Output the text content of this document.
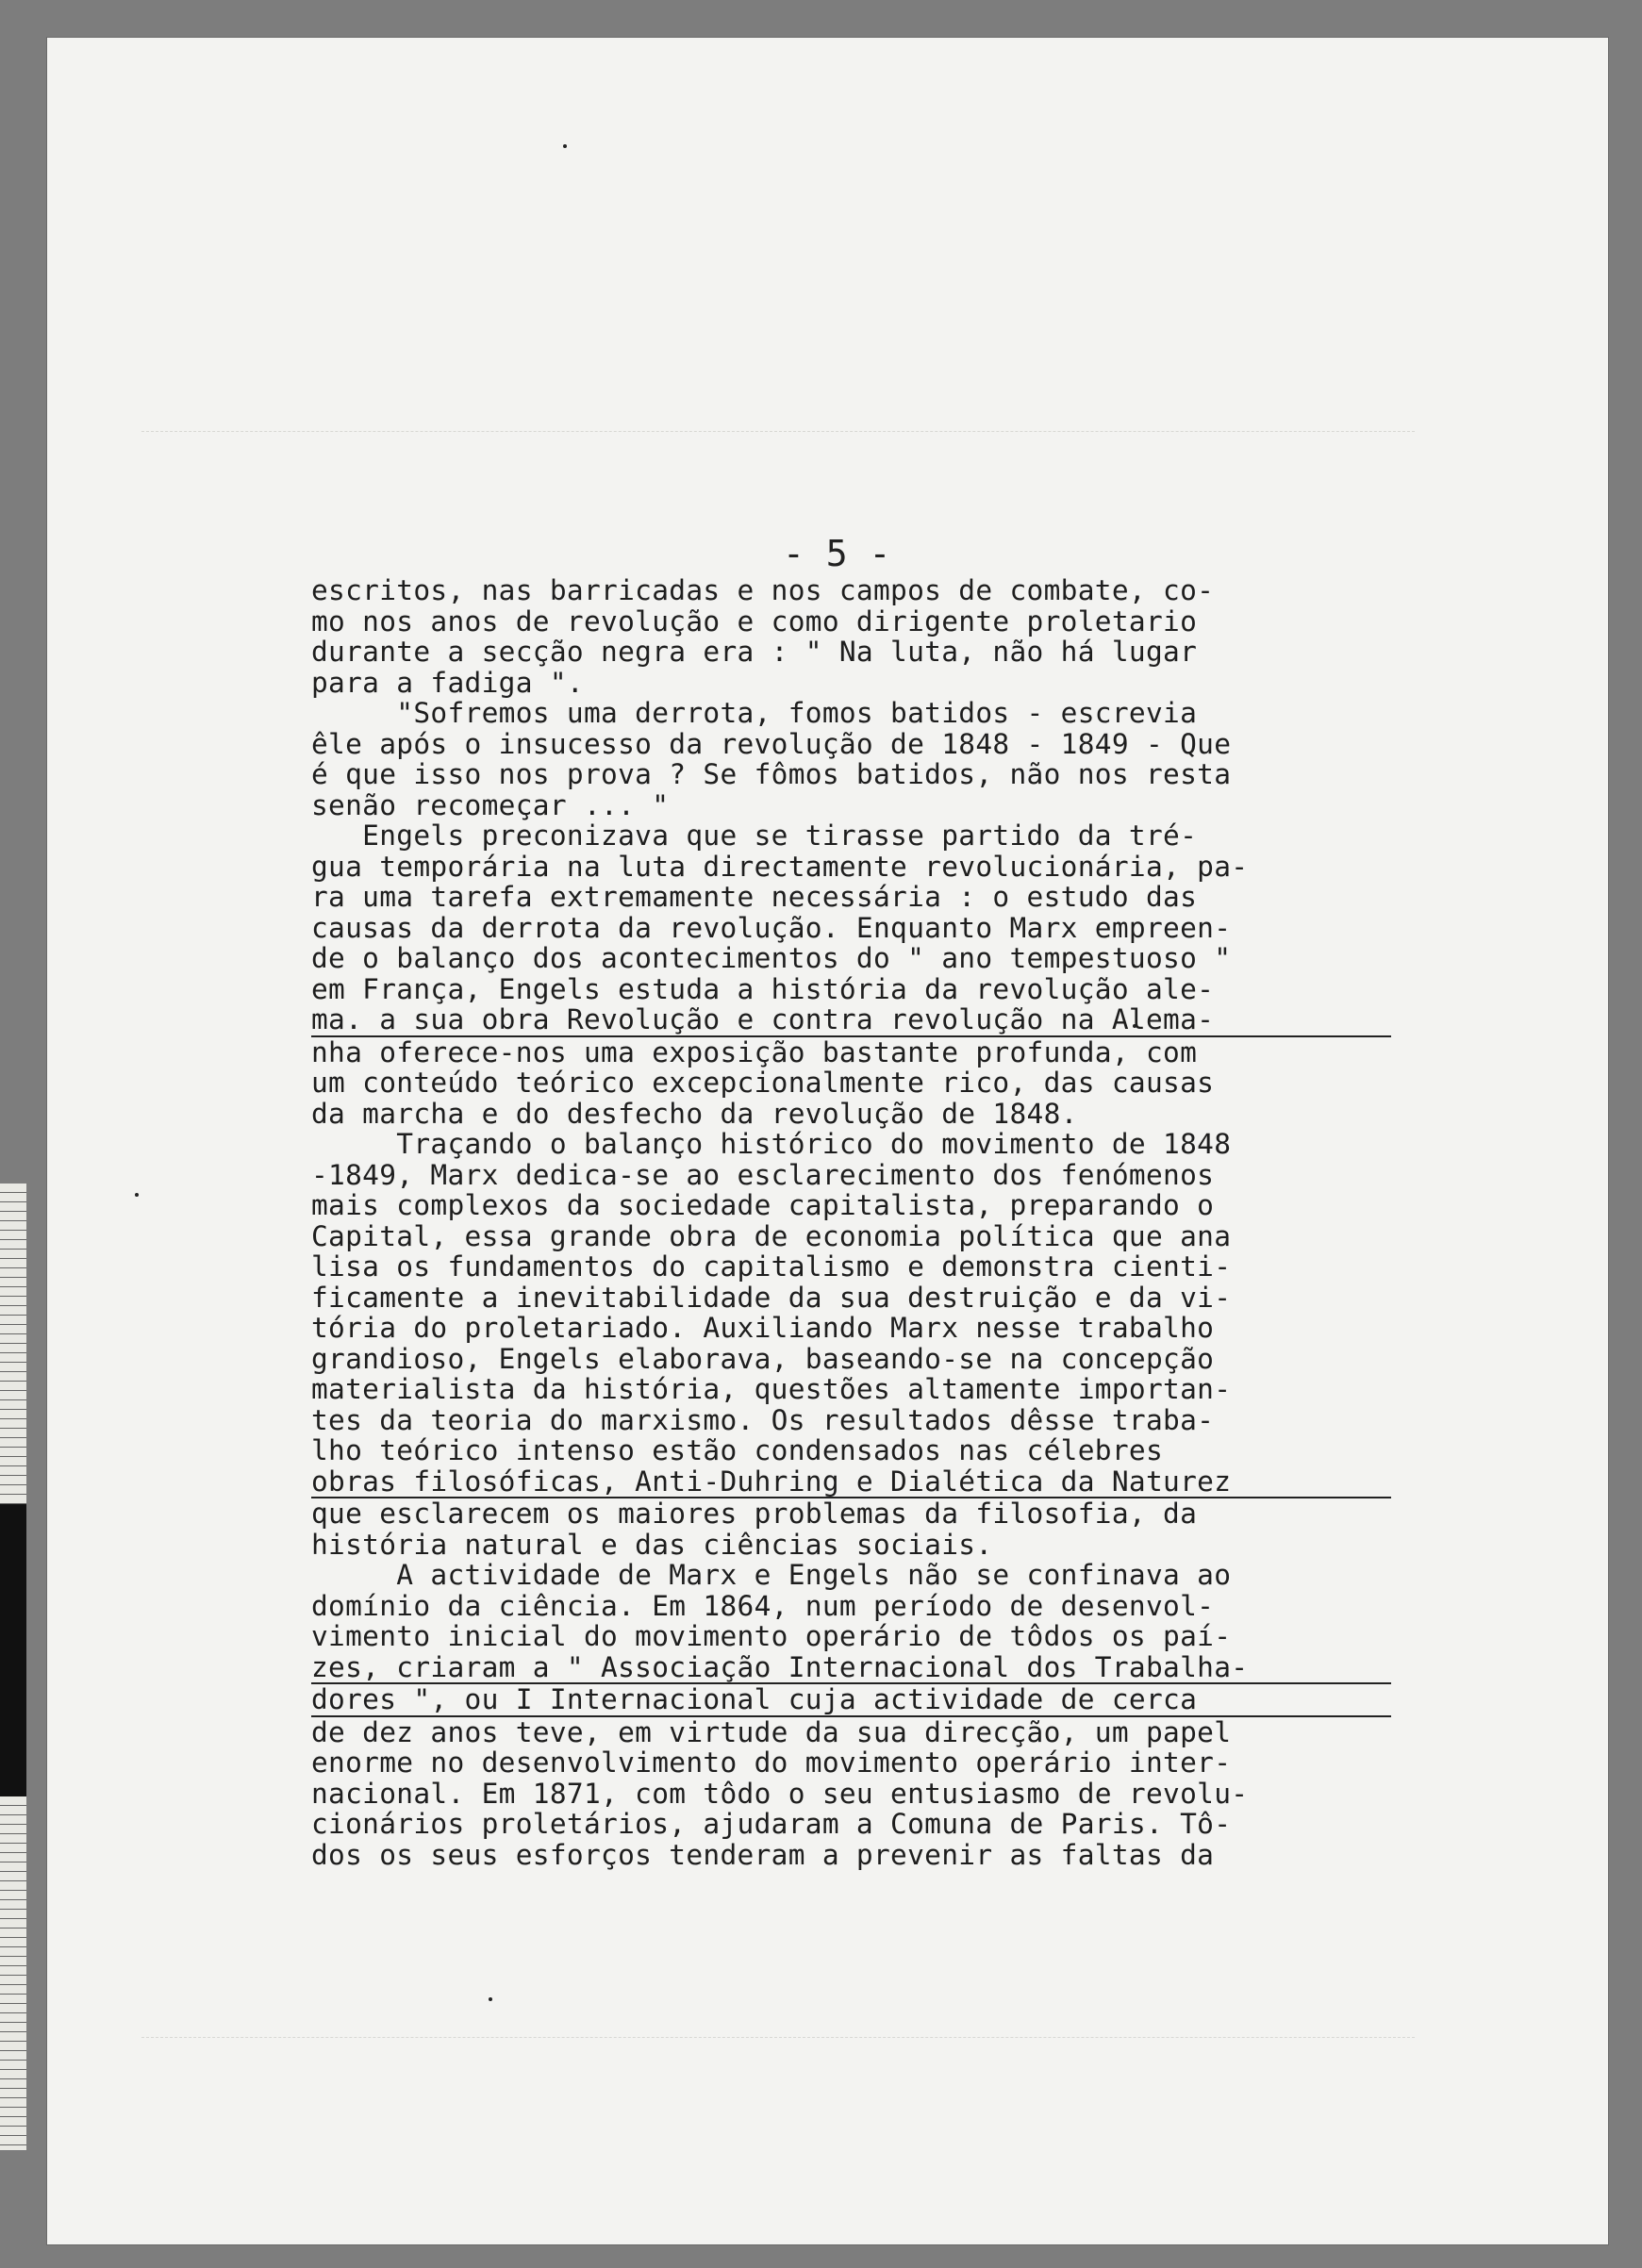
- 5 -
escritos, nas barricadas e nos campos de combate, co-
mo nos anos de revolução e como dirigente proletario
durante a secção negra era : " Na luta, não há lugar
para a fadiga ".
"Sofremos uma derrota, fomos batidos - escrevia
êle após o insucesso da revolução de 1848 - 1849 - Que
é que isso nos prova ? Se fômos batidos, não nos resta
senão recomeçar ... "
Engels preconizava que se tirasse partido da tré-
gua temporária na luta directamente revolucionária, pa-
ra uma tarefa extremamente necessária : o estudo das
causas da derrota da revolução. Enquanto Marx empreen-
de o balanço dos acontecimentos do " ano tempestuoso "
em França, Engels estuda a história da revolução ale-
ma. a sua obra Revolução e contra revolução na Alema-
nha oferece-nos uma exposição bastante profunda, com
um conteúdo teórico excepcionalmente rico, das causas
da marcha e do desfecho da revolução de 1848.
Traçando o balanço histórico do movimento de 1848
-1849, Marx dedica-se ao esclarecimento dos fenómenos
mais complexos da sociedade capitalista, preparando o
Capital, essa grande obra de economia política que ana
lisa os fundamentos do capitalismo e demonstra cienti-
ficamente a inevitabilidade da sua destruição e da vi-
tória do proletariado. Auxiliando Marx nesse trabalho
grandioso, Engels elaborava, baseando-se na concepção
materialista da história, questões altamente importan-
tes da teoria do marxismo. Os resultados dêsse traba-
lho teórico intenso estão condensados nas célebres
obras filosóficas, Anti-Duhring e Dialética da Naturez
que esclarecem os maiores problemas da filosofia, da
história natural e das ciências sociais.
A actividade de Marx e Engels não se confinava ao
domínio da ciência. Em 1864, num período de desenvol-
vimento inicial do movimento operário de tôdos os paí-
zes, criaram a " Associação Internacional dos Trabalha-
dores ", ou I Internacional cuja actividade de cerca
de dez anos teve, em virtude da sua direcção, um papel
enorme no desenvolvimento do movimento operário inter-
nacional. Em 1871, com tôdo o seu entusiasmo de revolu-
cionários proletários, ajudaram a Comuna de Paris. Tô-
dos os seus esforços tenderam a prevenir as faltas da
